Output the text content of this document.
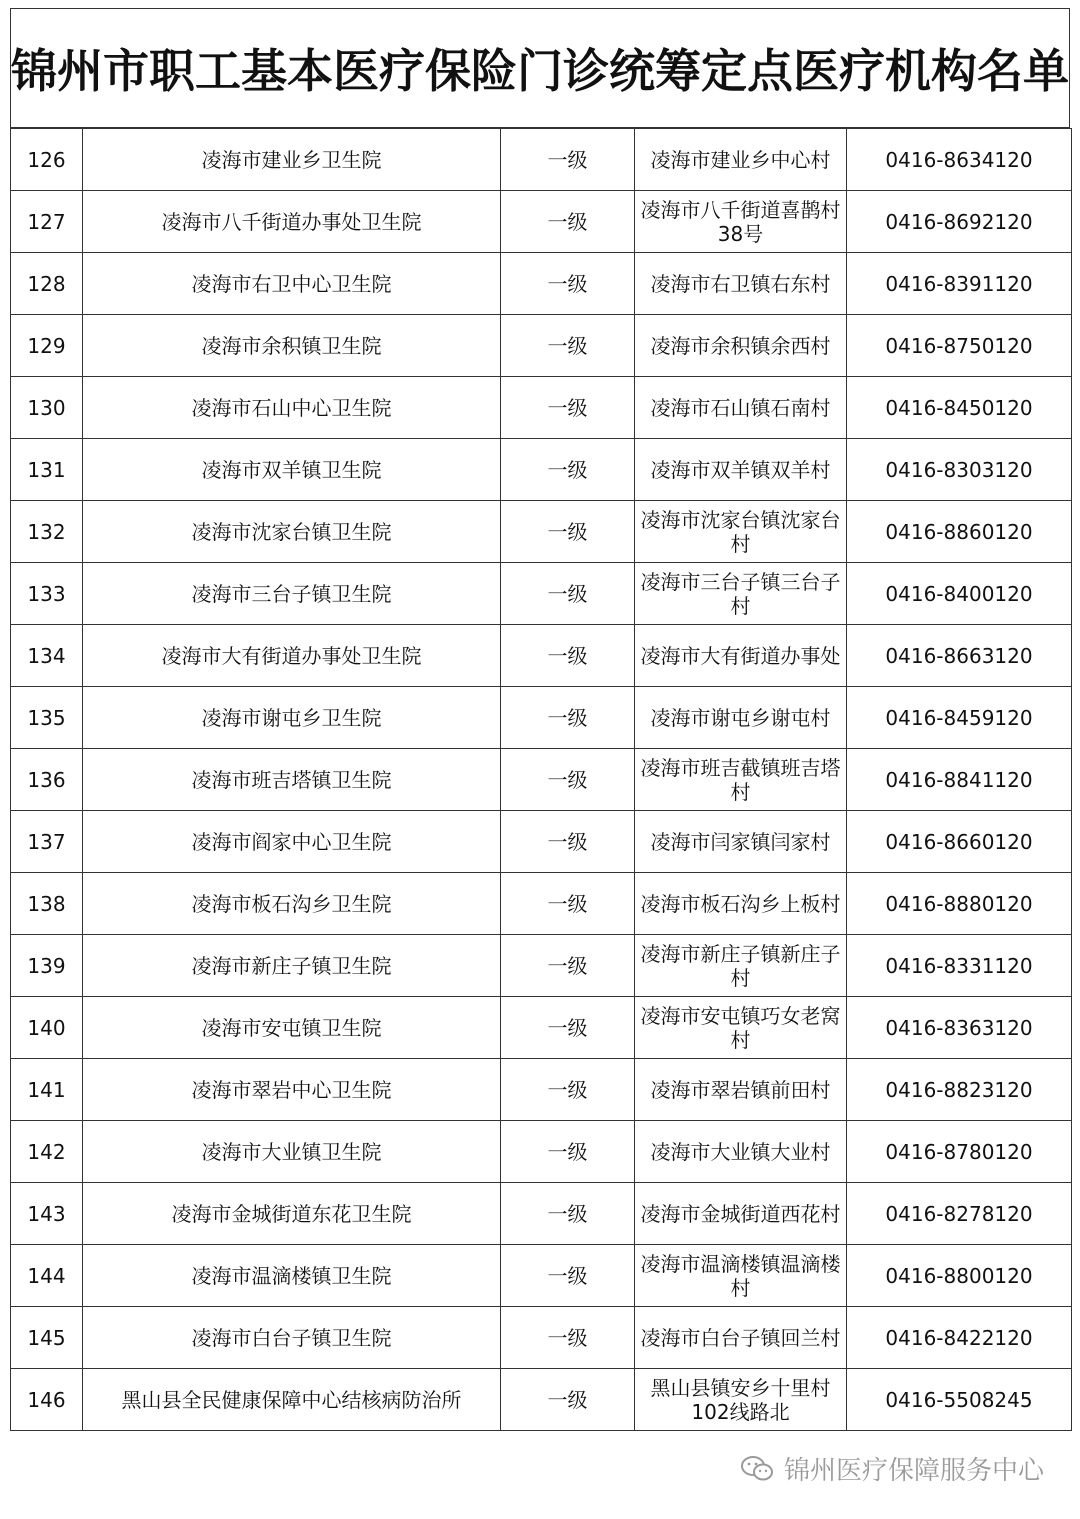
锦州市职工基本医疗保险门诊统筹定点医疗机构名单
126	凌海市建业乡卫生院	一级	凌海市建业乡中心村	0416-8634120
127	凌海市八千街道办事处卫生院	一级	凌海市八千街道喜鹊村38号	0416-8692120
128	凌海市右卫中心卫生院	一级	凌海市右卫镇右东村	0416-8391120
129	凌海市余积镇卫生院	一级	凌海市余积镇余西村	0416-8750120
130	凌海市石山中心卫生院	一级	凌海市石山镇石南村	0416-8450120
131	凌海市双羊镇卫生院	一级	凌海市双羊镇双羊村	0416-8303120
132	凌海市沈家台镇卫生院	一级	凌海市沈家台镇沈家台村	0416-8860120
133	凌海市三台子镇卫生院	一级	凌海市三台子镇三台子村	0416-8400120
134	凌海市大有街道办事处卫生院	一级	凌海市大有街道办事处	0416-8663120
135	凌海市谢屯乡卫生院	一级	凌海市谢屯乡谢屯村	0416-8459120
136	凌海市班吉塔镇卫生院	一级	凌海市班吉截镇班吉塔村	0416-8841120
137	凌海市阎家中心卫生院	一级	凌海市闫家镇闫家村	0416-8660120
138	凌海市板石沟乡卫生院	一级	凌海市板石沟乡上板村	0416-8880120
139	凌海市新庄子镇卫生院	一级	凌海市新庄子镇新庄子村	0416-8331120
140	凌海市安屯镇卫生院	一级	凌海市安屯镇巧女老窝村	0416-8363120
141	凌海市翠岩中心卫生院	一级	凌海市翠岩镇前田村	0416-8823120
142	凌海市大业镇卫生院	一级	凌海市大业镇大业村	0416-8780120
143	凌海市金城街道东花卫生院	一级	凌海市金城街道西花村	0416-8278120
144	凌海市温滴楼镇卫生院	一级	凌海市温滴楼镇温滴楼村	0416-8800120
145	凌海市白台子镇卫生院	一级	凌海市白台子镇回兰村	0416-8422120
146	黑山县全民健康保障中心结核病防治所	一级	黑山县镇安乡十里村102线路北	0416-5508245
锦州医疗保障服务中心
